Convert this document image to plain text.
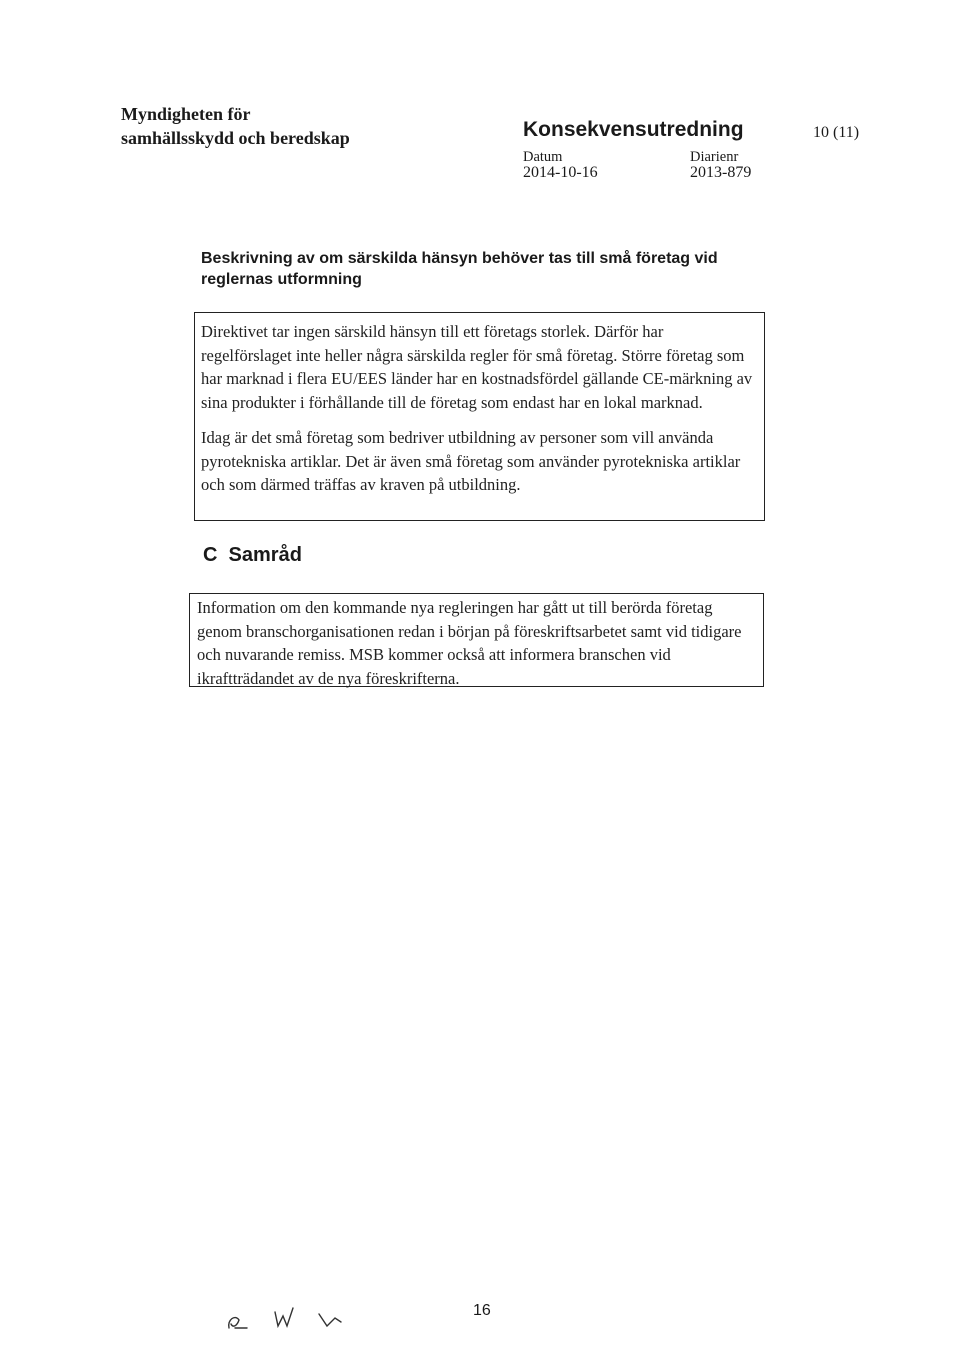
Myndigheten för
samhällsskydd och beredskap	Konsekvensutredning	10 (11)
Datum
2014-10-16
Diarienr
2013-879
Beskrivning av om särskilda hänsyn behöver tas till små företag vid reglernas utformning

Direktivet tar ingen särskild hänsyn till ett företags storlek. Därför har regelförslaget inte heller några särskilda regler för små företag. Större företag som har marknad i flera EU/EES länder har en kostnadsfördel gällande CE-märkning av sina produkter i förhållande till de företag som endast har en lokal marknad.

Idag är det små företag som bedriver utbildning av personer som vill använda pyrotekniska artiklar. Det är även små företag som använder pyrotekniska artiklar och som därmed träffas av kraven på utbildning.

C  Samråd

Information om den kommande nya regleringen har gått ut till berörda företag genom branschorganisationen redan i början på föreskriftsarbetet samt vid tidigare och nuvarande remiss. MSB kommer också att informera branschen vid ikraftträdandet av de nya föreskrifterna.

16
